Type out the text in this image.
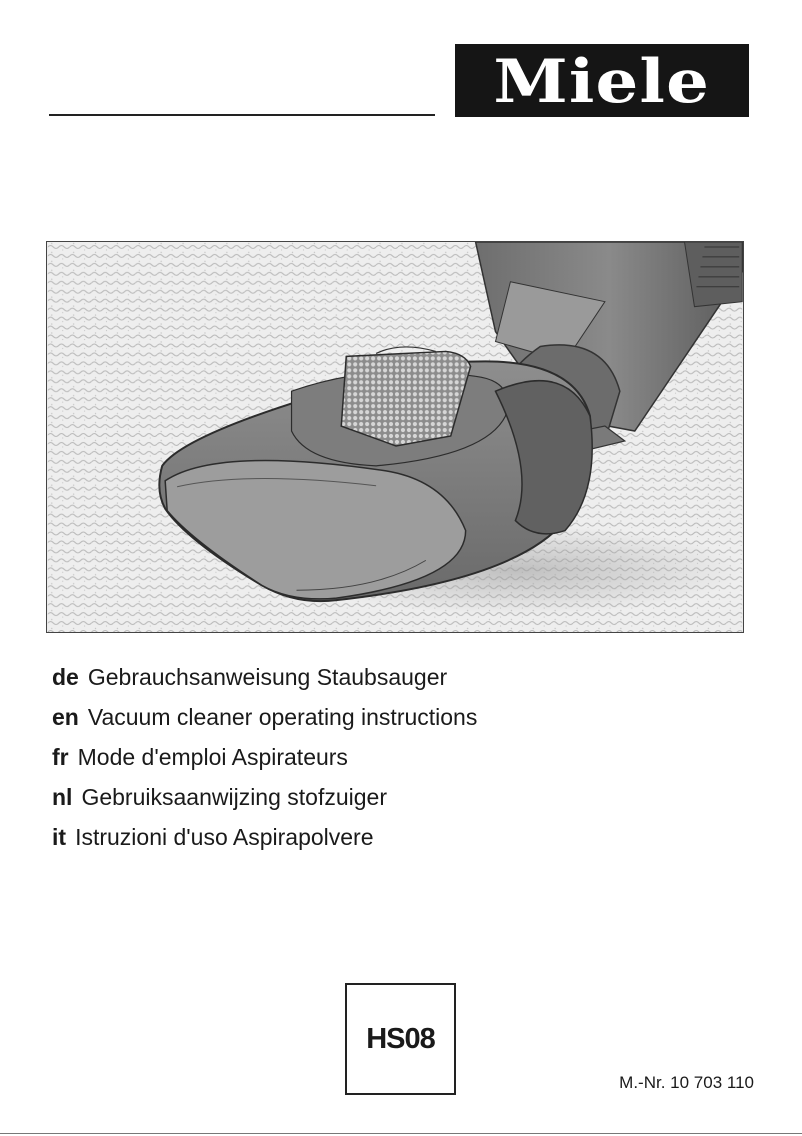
Miele
de Gebrauchsanweisung Staubsauger
en Vacuum cleaner operating instructions
fr Mode d'emploi Aspirateurs
nl Gebruiksaanwijzing stofzuiger
it Istruzioni d'uso Aspirapolvere
HS08
M.-Nr. 10 703 110
